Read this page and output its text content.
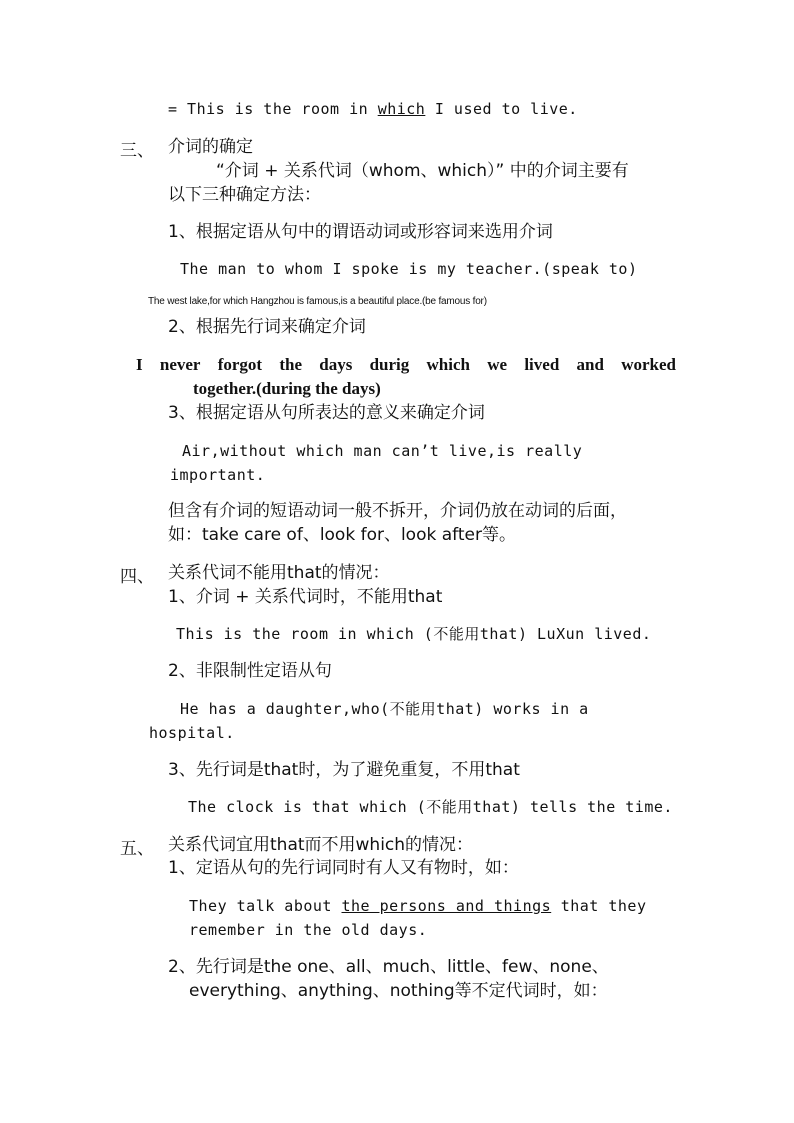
= This is the room in which I used to live.
三、 介词的确定
“介词 + 关系代词（whom、which）” 中的介词主要有
以下三种确定方法：
1、根据定语从句中的谓语动词或形容词来选用介词
The man to whom I spoke is my teacher.(speak to)
The west lake,for which Hangzhou is famous,is a beautiful place.(be famous for)
2、根据先行词来确定介词
I never forgot the days durig which we lived and worked
together.(during the days)
3、根据定语从句所表达的意义来确定介词
Air,without which man can’t live,is really
important.
但含有介词的短语动词一般不拆开，介词仍放在动词的后面，
如：take care of、look for、look after等。
四、 关系代词不能用that的情况：
1、介词 + 关系代词时，不能用that
This is the room in which (不能用that) LuXun lived.
2、非限制性定语从句
He has a daughter,who(不能用that) works in a
hospital.
3、先行词是that时，为了避免重复，不用that
The clock is that which (不能用that) tells the time.
五、 关系代词宜用that而不用which的情况：
1、定语从句的先行词同时有人又有物时，如：
They talk about the persons and things that they
remember in the old days.
2、先行词是the one、all、much、little、few、none、
everything、anything、nothing等不定代词时，如：
